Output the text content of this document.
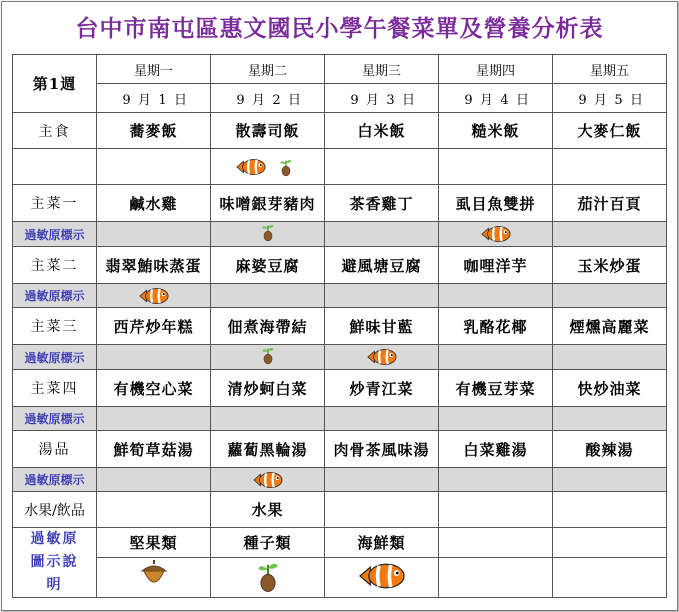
台中市南屯區惠文國民小學午餐菜單及營養分析表
第1週	星期一	星期二	星期三	星期四	星期五
	9 月 1 日	9 月 2 日	9 月 3 日	9 月 4 日	9 月 5 日
主食	蕎麥飯	散壽司飯	白米飯	糙米飯	大麥仁飯

主菜一	鹹水雞	味噌銀芽豬肉	茶香雞丁	虱目魚雙拼	茄汁百頁
過敏原標示					
主菜二	翡翠鮪味蒸蛋	麻婆豆腐	避風塘豆腐	咖哩洋芋	玉米炒蛋
過敏原標示					
主菜三	西芹炒年糕	佃煮海帶結	鮮味甘藍	乳酪花椰	煙燻高麗菜
過敏原標示					
主菜四	有機空心菜	清炒蚵白菜	炒青江菜	有機豆芽菜	快炒油菜
過敏原標示					
湯品	鮮筍草菇湯	蘿蔔黑輪湯	肉骨茶風味湯	白菜雞湯	酸辣湯
過敏原標示					
水果/飲品		水果			

過敏原圖示說明	堅果類	種子類	海鮮類		
